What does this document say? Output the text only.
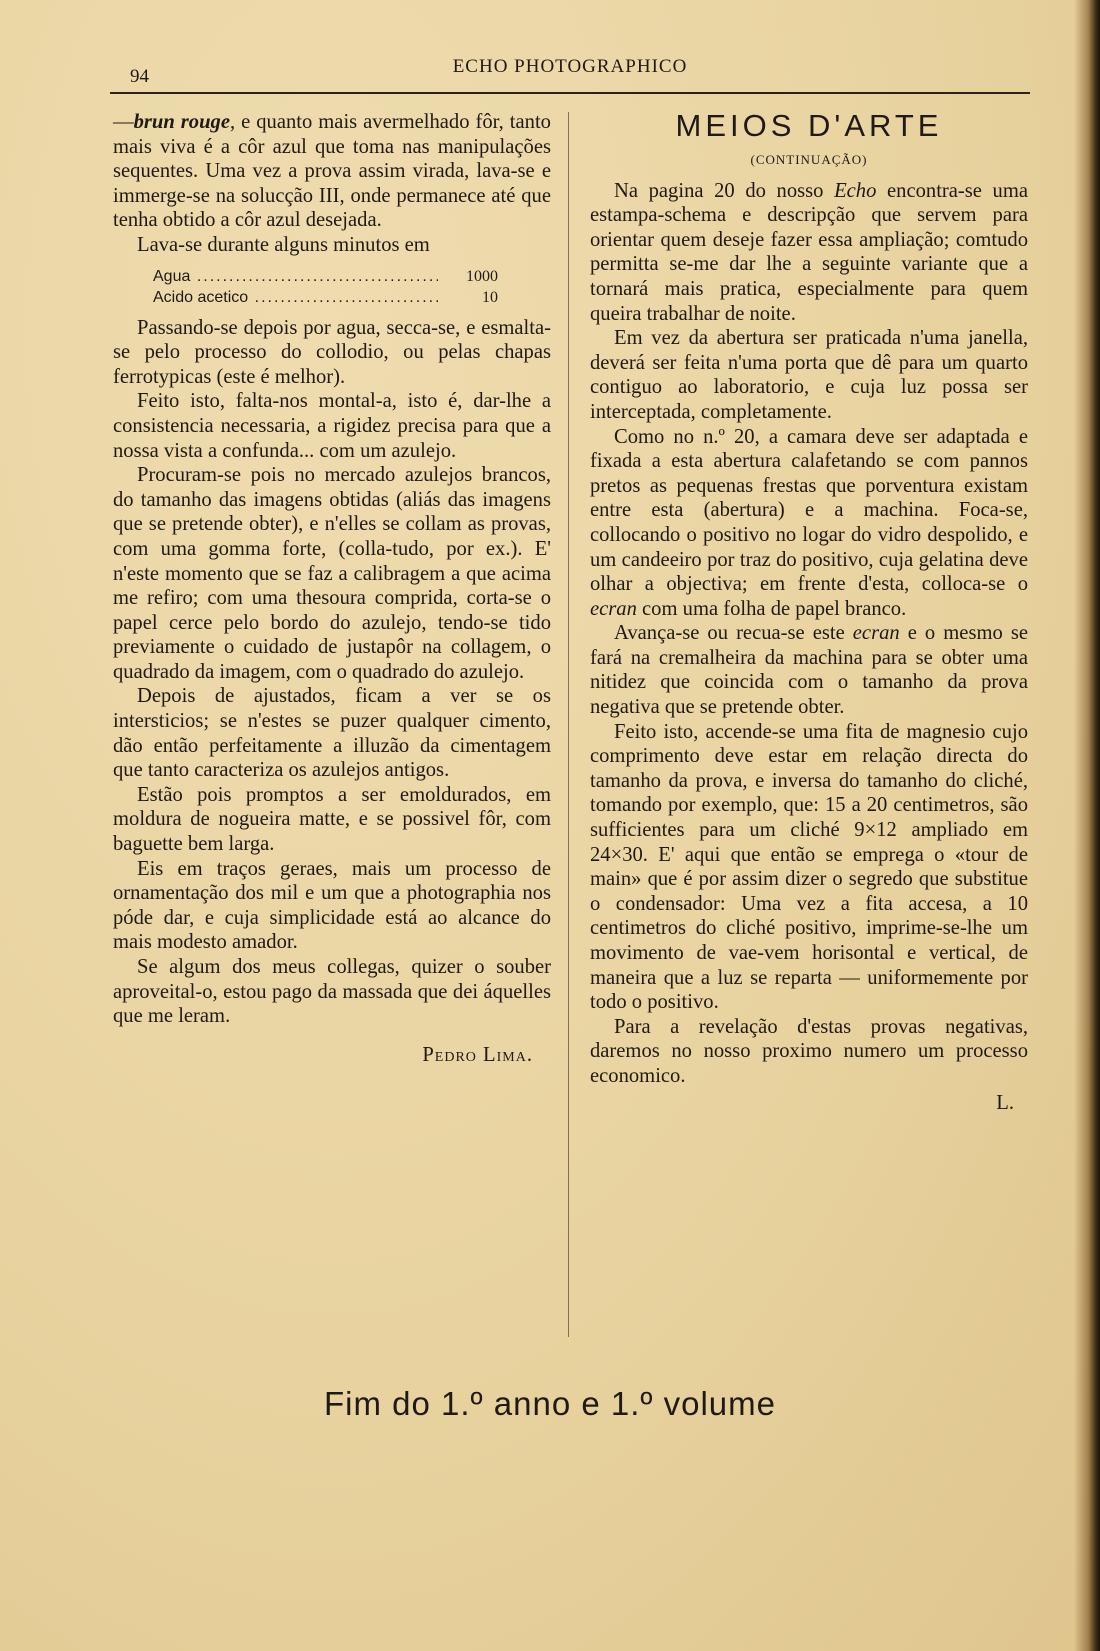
94	ECHO PHOTOGRAPHICO

—brun rouge, e quanto mais avermelhado fôr, tanto mais viva é a côr azul que toma nas manipulações sequentes. Uma vez a prova assim virada, lava-se e immerge-se na solucção III, onde permanece até que tenha obtido a côr azul desejada.

Lava-se durante alguns minutos em

Agua .....	1000
Acido acetico .....	10

Passando-se depois por agua, secca-se, e esmalta-se pelo processo do collodio, ou pelas chapas ferrotypicas (este é melhor).

Feito isto, falta-nos montal-a, isto é, dar-lhe a consistencia necessaria, a rigidez precisa para que a nossa vista a confunda... com um azulejo.

Procuram-se pois no mercado azulejos brancos, do tamanho das imagens obtidas (aliás das imagens que se pretende obter), e n'elles se collam as provas, com uma gomma forte, (colla-tudo, por ex.). E' n'este momento que se faz a calibragem a que acima me refiro; com uma thesoura comprida, corta-se o papel cerce pelo bordo do azulejo, tendo-se tido previamente o cuidado de justapôr na collagem, o quadrado da imagem, com o quadrado do azulejo.

Depois de ajustados, ficam a ver se os intersticios; se n'estes se puzer qualquer cimento, dão então perfeitamente a illuzão da cimentagem que tanto caracteriza os azulejos antigos.

Estão pois promptos a ser emoldurados, em moldura de nogueira matte, e se possivel fôr, com baguette bem larga.

Eis em traços geraes, mais um processo de ornamentação dos mil e um que a photographia nos póde dar, e cuja simplicidade está ao alcance do mais modesto amador.

Se algum dos meus collegas, quizer o souber aproveital-o, estou pago da massada que dei áquelles que me leram.

Pedro Lima.
MEIOS D'ARTE
(CONTINUAÇÃO)

Na pagina 20 do nosso Echo encontra-se uma estampa-schema e descripção que servem para orientar quem deseje fazer essa ampliação; comtudo permitta se-me dar lhe a seguinte variante que a tornará mais pratica, especialmente para quem queira trabalhar de noite.

Em vez da abertura ser praticada n'uma janella, deverá ser feita n'uma porta que dê para um quarto contiguo ao laboratorio, e cuja luz possa ser interceptada, completamente.

Como no n.º 20, a camara deve ser adaptada e fixada a esta abertura calafetando se com pannos pretos as pequenas frestas que porventura existam entre esta (abertura) e a machina. Foca-se, collocando o positivo no logar do vidro despolido, e um candeeiro por traz do positivo, cuja gelatina deve olhar a objectiva; em frente d'esta, colloca-se o ecran com uma folha de papel branco.

Avança-se ou recua-se este ecran e o mesmo se fará na cremalheira da machina para se obter uma nitidez que coincida com o tamanho da prova negativa que se pretende obter.

Feito isto, accende-se uma fita de magnesio cujo comprimento deve estar em relação directa do tamanho da prova, e inversa do tamanho do cliché, tomando por exemplo, que: 15 a 20 centimetros, são sufficientes para um cliché 9×12 ampliado em 24×30. E' aqui que então se emprega o «tour de main» que é por assim dizer o segredo que substitue o condensador: Uma vez a fita accesa, a 10 centimetros do cliché positivo, imprime-se-lhe um movimento de vae-vem horisontal e vertical, de maneira que a luz se reparta — uniformemente por todo o positivo.

Para a revelação d'estas provas negativas, daremos no nosso proximo numero um processo economico.

L.
Fim do 1.º anno e 1.º volume
